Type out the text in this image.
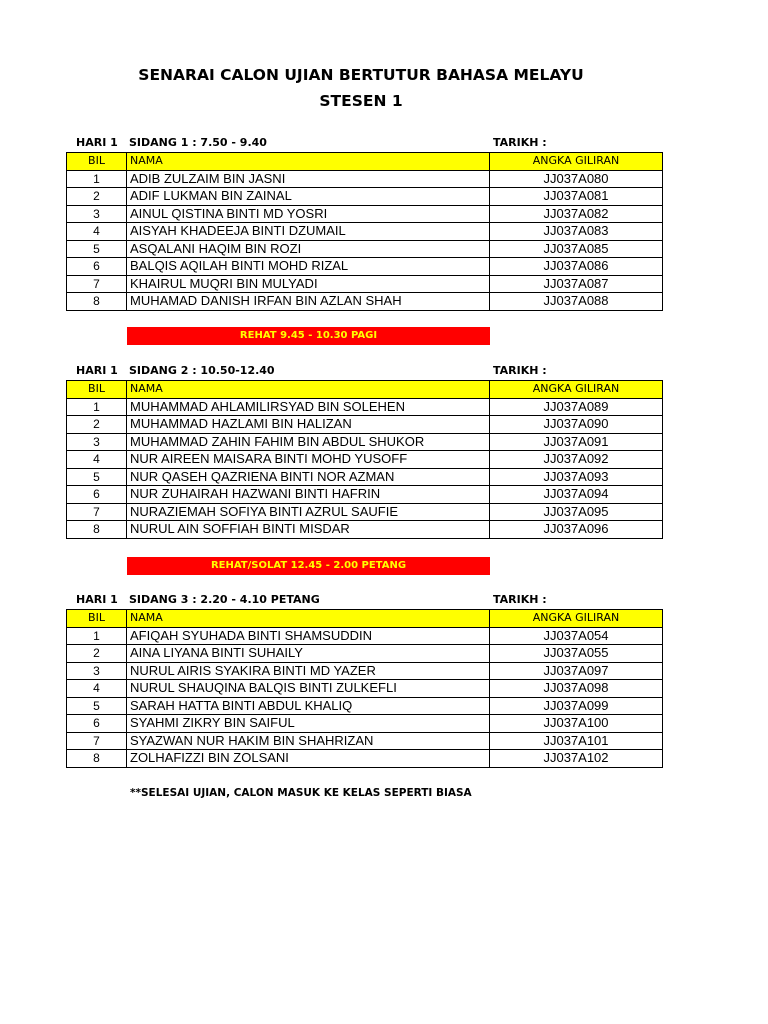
SENARAI CALON UJIAN BERTUTUR BAHASA MELAYU
STESEN 1
HARI 1 SIDANG 1 : 7.50 - 9.40	TARIKH :
BIL	NAMA	ANGKA GILIRAN
1	ADIB ZULZAIM BIN JASNI	JJ037A080
2	ADIF LUKMAN BIN ZAINAL	JJ037A081
3	AINUL QISTINA BINTI MD YOSRI	JJ037A082
4	AISYAH KHADEEJA BINTI DZUMAIL	JJ037A083
5	ASQALANI HAQIM BIN ROZI	JJ037A085
6	BALQIS AQILAH BINTI MOHD RIZAL	JJ037A086
7	KHAIRUL MUQRI BIN MULYADI	JJ037A087
8	MUHAMAD DANISH IRFAN BIN AZLAN SHAH	JJ037A088
REHAT 9.45 - 10.30 PAGI
HARI 1 SIDANG 2 : 10.50-12.40	TARIKH :
BIL	NAMA	ANGKA GILIRAN
1	MUHAMMAD AHLAMILIRSYAD BIN SOLEHEN	JJ037A089
2	MUHAMMAD HAZLAMI BIN HALIZAN	JJ037A090
3	MUHAMMAD ZAHIN FAHIM BIN ABDUL SHUKOR	JJ037A091
4	NUR AIREEN MAISARA BINTI MOHD YUSOFF	JJ037A092
5	NUR QASEH QAZRIENA BINTI NOR AZMAN	JJ037A093
6	NUR ZUHAIRAH HAZWANI BINTI HAFRIN	JJ037A094
7	NURAZIEMAH SOFIYA BINTI AZRUL SAUFIE	JJ037A095
8	NURUL AIN SOFFIAH BINTI MISDAR	JJ037A096
REHAT/SOLAT 12.45 - 2.00 PETANG
HARI 1 SIDANG 3 : 2.20 - 4.10 PETANG	TARIKH :
BIL	NAMA	ANGKA GILIRAN
1	AFIQAH SYUHADA BINTI SHAMSUDDIN	JJ037A054
2	AINA LIYANA BINTI SUHAILY	JJ037A055
3	NURUL AIRIS SYAKIRA BINTI MD YAZER	JJ037A097
4	NURUL SHAUQINA BALQIS BINTI ZULKEFLI	JJ037A098
5	SARAH HATTA BINTI ABDUL KHALIQ	JJ037A099
6	SYAHMI ZIKRY BIN SAIFUL	JJ037A100
7	SYAZWAN NUR HAKIM BIN SHAHRIZAN	JJ037A101
8	ZOLHAFIZZI BIN ZOLSANI	JJ037A102
**SELESAI UJIAN, CALON MASUK KE KELAS SEPERTI BIASA
